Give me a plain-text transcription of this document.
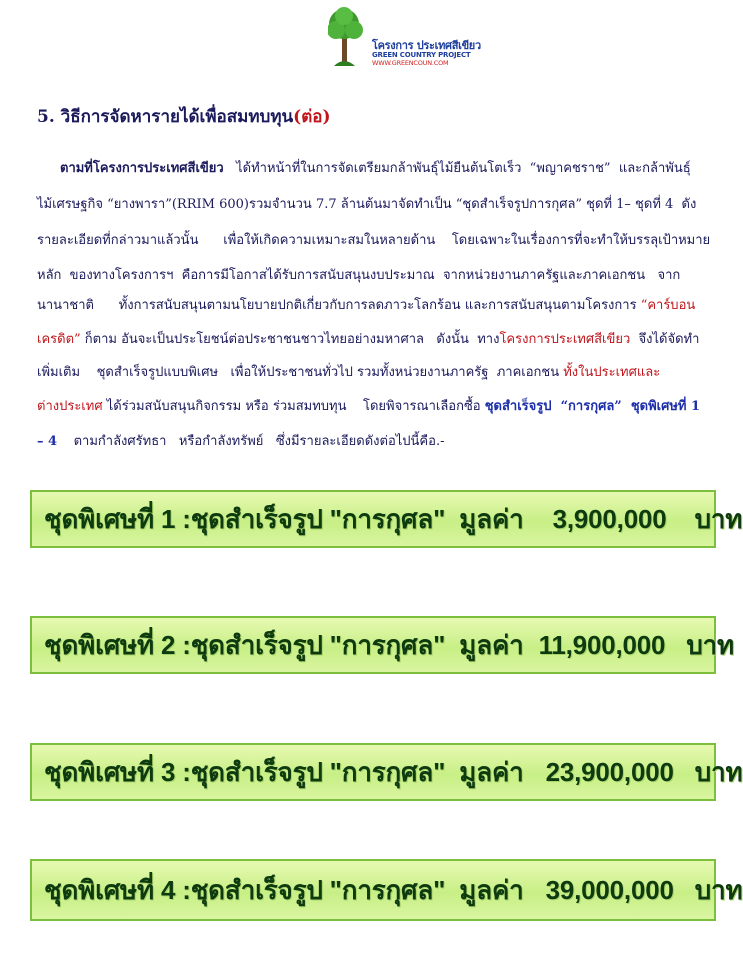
โครงการ ประเทศสีเขียว
GREEN COUNTRY PROJECT
WWW.GREENCOUN.COM
5. วิธีการจัดหารายได้เพื่อสมทบทุน(ต่อ)
ตามที่โครงการประเทศสีเขียว ได้ทำหน้าที่ในการจัดเตรียมกล้าพันธุ์ไม้ยืนต้นโตเร็ว  “พญาคชราช”  และกล้าพันธุ์
ไม้เศรษฐกิจ “ยางพารา”(RRIM 600)รวมจำนวน 7.7 ล้านต้นมาจัดทำเป็น “ชุดสำเร็จรูปการกุศล” ชุดที่ 1– ชุดที่ 4  ดัง
รายละเอียดที่กล่าวมาแล้วนั้น      เพื่อให้เกิดความเหมาะสมในหลายด้าน    โดยเฉพาะในเรื่องการที่จะทำให้บรรลุเป้าหมาย
หลัก  ของทางโครงการฯ  คือการมีโอกาสได้รับการสนับสนุนงบประมาณ  จากหน่วยงานภาครัฐและภาคเอกชน   จาก
นานาชาติ      ทั้งการสนับสนุนตามนโยบายปกติเกี่ยวกับการลดภาวะโลกร้อน และการสนับสนุนตามโครงการ “คาร์บอน
เครดิต” ก็ตาม อันจะเป็นประโยชน์ต่อประชาชนชาวไทยอย่างมหาศาล   ดังนั้น  ทางโครงการประเทศสีเขียว  จึงได้จัดทำ
เพิ่มเติม    ชุดสำเร็จรูปแบบพิเศษ   เพื่อให้ประชาชนทั่วไป รวมทั้งหน่วยงานภาครัฐ  ภาคเอกชน ทั้งในประเทศและ
ต่างประเทศ ได้ร่วมสนับสนุนกิจกรรม หรือ ร่วมสมทบทุน    โดยพิจารณาเลือกซื้อ ชุดสำเร็จรูป  “การกุศล”  ชุดพิเศษที่ 1
– 4    ตามกำลังศรัทธา   หรือกำลังทรัพย์   ซึ่งมีรายละเอียดดังต่อไปนี้คือ.-
ชุดพิเศษที่ 1 :ชุดสำเร็จรูป "การกุศล"  มูลค่า 3,900,000    บาท
ชุดพิเศษที่ 2 :ชุดสำเร็จรูป "การกุศล"  มูลค่า 11,900,000   บาท
ชุดพิเศษที่ 3 :ชุดสำเร็จรูป "การกุศล"  มูลค่า 23,900,000   บาท
ชุดพิเศษที่ 4 :ชุดสำเร็จรูป "การกุศล"  มูลค่า 39,000,000   บาท
